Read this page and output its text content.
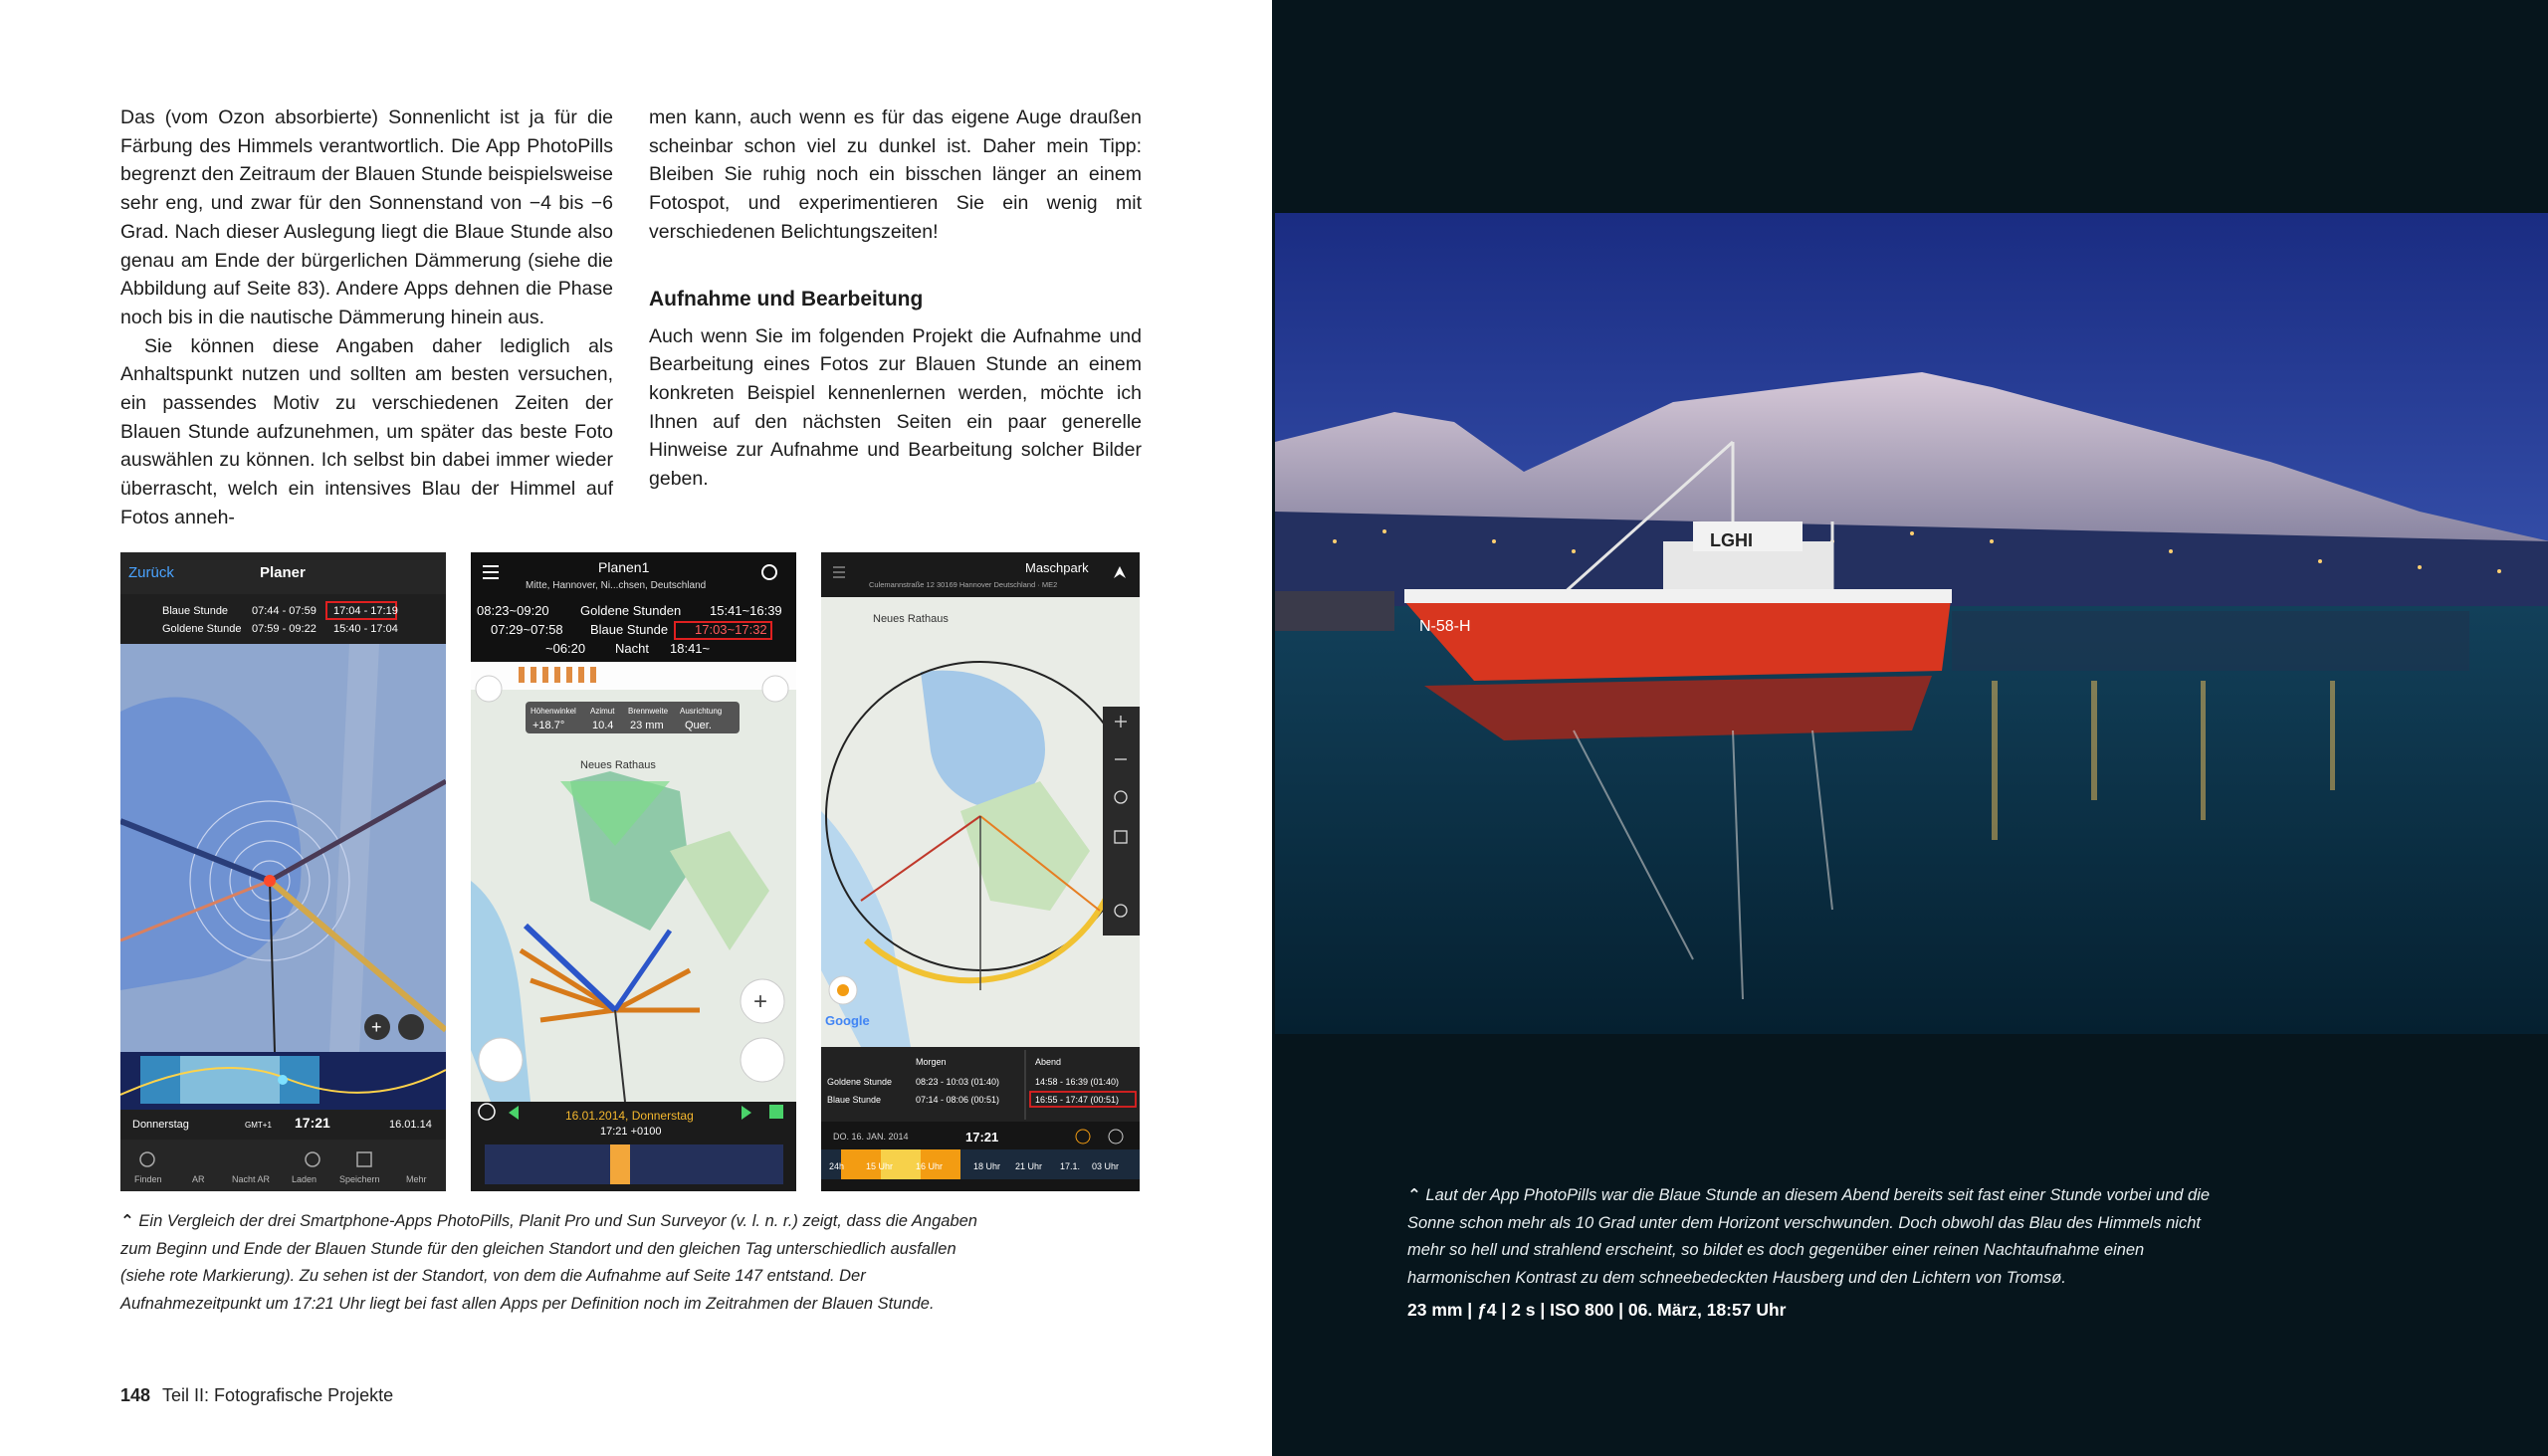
Das (vom Ozon absorbierte) Sonnenlicht ist ja für die Färbung des Himmels verantwortlich. Die App PhotoPills begrenzt den Zeitraum der Blauen Stunde beispielsweise sehr eng, und zwar für den Sonnenstand von −4 bis −6 Grad. Nach dieser Auslegung liegt die Blaue Stunde also genau am Ende der bürgerlichen Dämmerung (siehe die Abbildung auf Seite 83). Andere Apps dehnen die Phase noch bis in die nautische Dämmerung hinein aus.

Sie können diese Angaben daher lediglich als Anhaltspunkt nutzen und sollten am besten versuchen, ein passendes Motiv zu verschiedenen Zeiten der Blauen Stunde aufzunehmen, um später das beste Foto auswählen zu können. Ich selbst bin dabei immer wieder überrascht, welch ein intensives Blau der Himmel auf Fotos anneh-

men kann, auch wenn es für das eigene Auge draußen scheinbar schon viel zu dunkel ist. Daher mein Tipp: Bleiben Sie ruhig noch ein bisschen länger an einem Fotospot, und experimentieren Sie ein wenig mit verschiedenen Belichtungszeiten!

Aufnahme und Bearbeitung

Auch wenn Sie im folgenden Projekt die Aufnahme und Bearbeitung eines Fotos zur Blauen Stunde an einem konkreten Beispiel kennenlernen werden, möchte ich Ihnen auf den nächsten Seiten ein paar generelle Hinweise zur Aufnahme und Bearbeitung solcher Bilder geben.

Zurück	Planer
Blaue Stunde 07:44 - 07:59 17:04 - 17:19
Goldene Stunde 07:59 - 09:22 15:40 - 17:04
+
Donnerstag	GMT+1 17:21	16.01.14
Finden	AR	Nacht AR Laden	Speichern	Mehr
Planen1
Mitte, Hannover, Ni...chsen, Deutschland
08:23~09:20 Goldene Stunden 15:41~16:39
07:29~07:58 Blaue Stunde 17:03~17:32
~06:20 Nacht 18:41~
Höhenwinkel Azimut Brennweite Ausrichtung
+18.7°	10.4 23 mm Quer.
Neues Rathaus
+
16.01.2014, Donnerstag
17:21 +0100
Maschpark
Culemannstraße 12 30169 Hannover Deutschland · ME2
Neues Rathaus
Google
Morgen	Abend
Goldene Stunde	08:23 - 10:03 (01:40)	14:58 - 16:39 (01:40)
Blaue Stunde	07:14 - 08:06 (00:51)	16:55 - 17:47 (00:51)
DO. 16. JAN. 2014	17:21
24h 15 Uhr	16 Uhr	18 Uhr 21 Uhr 17.1. 03 Uhr
⌃ Ein Vergleich der drei Smartphone-Apps PhotoPills, Planit Pro und Sun Surveyor (v. l. n. r.) zeigt, dass die Angaben zum Beginn und Ende der Blauen Stunde für den gleichen Standort und den gleichen Tag unterschiedlich ausfallen (siehe rote Markierung). Zu sehen ist der Standort, von dem die Aufnahme auf Seite 147 entstand. Der Aufnahmezeitpunkt um 17:21 Uhr liegt bei fast allen Apps per Definition noch im Zeitrahmen der Blauen Stunde.
148 Teil II: Fotografische Projekte
LGHI
N-58-H
⌃ Laut der App PhotoPills war die Blaue Stunde an diesem Abend bereits seit fast einer Stunde vorbei und die Sonne schon mehr als 10 Grad unter dem Horizont verschwunden. Doch obwohl das Blau des Himmels nicht mehr so hell und strahlend erscheint, so bildet es doch gegenüber einer reinen Nachtaufnahme einen harmonischen Kontrast zu dem schneebedeckten Hausberg und den Lichtern von Tromsø.
23 mm | ƒ4 | 2 s | ISO 800 | 06. März, 18:57 Uhr
